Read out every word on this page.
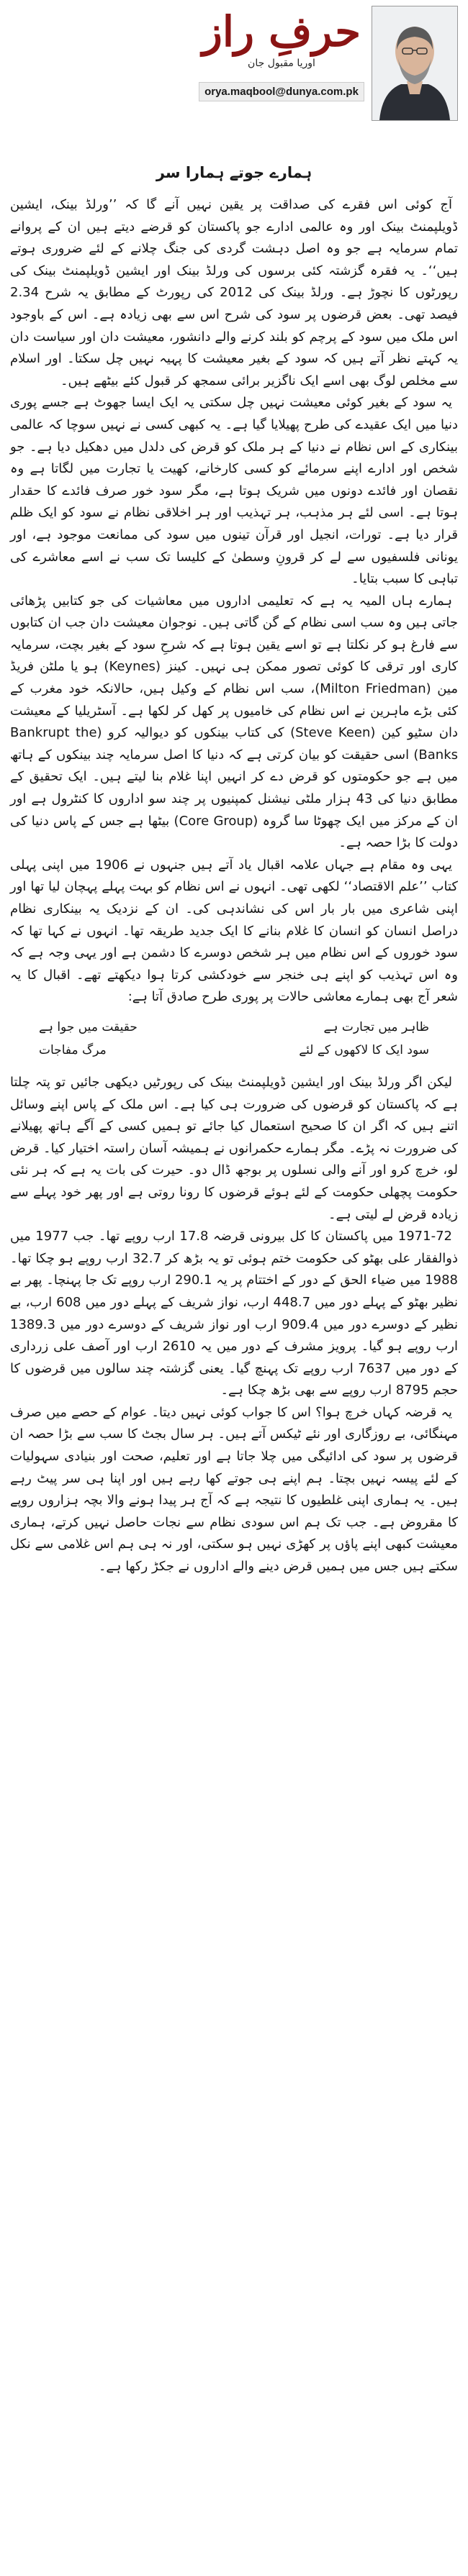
حرفِ راز
اوریا مقبول جان
orya.maqbool@dunya.com.pk
ہمارے جوتے ہمارا سر

آج کوئی اس فقرے کی صداقت پر یقین نہیں آنے گا کہ ’’ورلڈ بینک، ایشین ڈویلپمنٹ بینک اور وہ عالمی ادارے جو پاکستان کو قرضے دیتے ہیں ان کے پروانے تمام سرمایہ ہے جو وہ اصل دہشت گردی کی جنگ چلانے کے لئے ضروری ہوتے ہیں‘‘۔ یہ فقرہ گزشتہ کئی برسوں کی ورلڈ بینک اور ایشین ڈویلپمنٹ بینک کی رپورٹوں کا نچوڑ ہے۔ ورلڈ بینک کی 2012 کی رپورٹ کے مطابق یہ شرح 2.34 فیصد تھی۔ بعض قرضوں پر سود کی شرح اس سے بھی زیادہ ہے۔ اس کے باوجود اس ملک میں سود کے پرچم کو بلند کرنے والے دانشور، معیشت دان اور سیاست دان یہ کہتے نظر آتے ہیں کہ سود کے بغیر معیشت کا پہیہ نہیں چل سکتا۔ اور اسلام سے مخلص لوگ بھی اسے ایک ناگزیر برائی سمجھ کر قبول کئے بیٹھے ہیں۔

یہ سود کے بغیر کوئی معیشت نہیں چل سکتی یہ ایک ایسا جھوٹ ہے جسے پوری دنیا میں ایک عقیدے کی طرح پھیلایا گیا ہے۔ یہ کبھی کسی نے نہیں سوچا کہ عالمی بینکاری کے اس نظام نے دنیا کے ہر ملک کو قرض کی دلدل میں دھکیل دیا ہے۔ جو شخص اور ادارے اپنے سرمائے کو کسی کارخانے، کھیت یا تجارت میں لگاتا ہے وہ نقصان اور فائدے دونوں میں شریک ہوتا ہے، مگر سود خور صرف فائدے کا حقدار ہوتا ہے۔ اسی لئے ہر مذہب، ہر تہذیب اور ہر اخلاقی نظام نے سود کو ایک ظلم قرار دیا ہے۔ تورات، انجیل اور قرآن تینوں میں سود کی ممانعت موجود ہے، اور یونانی فلسفیوں سے لے کر قرونِ وسطیٰ کے کلیسا تک سب نے اسے معاشرے کی تباہی کا سبب بتایا۔

ہمارے ہاں المیہ یہ ہے کہ تعلیمی اداروں میں معاشیات کی جو کتابیں پڑھائی جاتی ہیں وہ سب اسی نظام کے گن گاتی ہیں۔ نوجوان معیشت دان جب ان کتابوں سے فارغ ہو کر نکلتا ہے تو اسے یقین ہوتا ہے کہ شرحِ سود کے بغیر بچت، سرمایہ کاری اور ترقی کا کوئی تصور ممکن ہی نہیں۔ کینز (Keynes) ہو یا ملٹن فریڈ مین (Milton Friedman)، سب اس نظام کے وکیل ہیں، حالانکہ خود مغرب کے کئی بڑے ماہرین نے اس نظام کی خامیوں پر کھل کر لکھا ہے۔ آسٹریلیا کے معیشت دان سٹیو کین (Steve Keen) کی کتاب بینکوں کو دیوالیہ کرو (Bankrupt the Banks) اسی حقیقت کو بیان کرتی ہے کہ دنیا کا اصل سرمایہ چند بینکوں کے ہاتھ میں ہے جو حکومتوں کو قرض دے کر انہیں اپنا غلام بنا لیتے ہیں۔ ایک تحقیق کے مطابق دنیا کی 43 ہزار ملٹی نیشنل کمپنیوں پر چند سو اداروں کا کنٹرول ہے اور ان کے مرکز میں ایک چھوٹا سا گروہ (Core Group) بیٹھا ہے جس کے پاس دنیا کی دولت کا بڑا حصہ ہے۔

یہی وہ مقام ہے جہاں علامہ اقبال یاد آتے ہیں جنہوں نے 1906 میں اپنی پہلی کتاب ’’علم الاقتصاد‘‘ لکھی تھی۔ انہوں نے اس نظام کو بہت پہلے پہچان لیا تھا اور اپنی شاعری میں بار بار اس کی نشاندہی کی۔ ان کے نزدیک یہ بینکاری نظام دراصل انسان کو انسان کا غلام بنانے کا ایک جدید طریقہ تھا۔ انہوں نے کہا تھا کہ سود خوروں کے اس نظام میں ہر شخص دوسرے کا دشمن ہے اور یہی وجہ ہے کہ وہ اس تہذیب کو اپنے ہی خنجر سے خودکشی کرتا ہوا دیکھتے تھے۔ اقبال کا یہ شعر آج بھی ہمارے معاشی حالات پر پوری طرح صادق آتا ہے:

ظاہر میں تجارت ہے
حقیقت میں جوا ہے
سود ایک کا لاکھوں کے لئے
مرگ مفاجات

لیکن اگر ورلڈ بینک اور ایشین ڈویلپمنٹ بینک کی رپورٹیں دیکھی جائیں تو پتہ چلتا ہے کہ پاکستان کو قرضوں کی ضرورت ہی کیا ہے۔ اس ملک کے پاس اپنے وسائل اتنے ہیں کہ اگر ان کا صحیح استعمال کیا جائے تو ہمیں کسی کے آگے ہاتھ پھیلانے کی ضرورت نہ پڑے۔ مگر ہمارے حکمرانوں نے ہمیشہ آسان راستہ اختیار کیا۔ قرض لو، خرچ کرو اور آنے والی نسلوں پر بوجھ ڈال دو۔ حیرت کی بات یہ ہے کہ ہر نئی حکومت پچھلی حکومت کے لئے ہوئے قرضوں کا رونا روتی ہے اور پھر خود پہلے سے زیادہ قرض لے لیتی ہے۔

1971-72 میں پاکستان کا کل بیرونی قرضہ 17.8 ارب روپے تھا۔ جب 1977 میں ذوالفقار علی بھٹو کی حکومت ختم ہوئی تو یہ بڑھ کر 32.7 ارب روپے ہو چکا تھا۔ 1988 میں ضیاء الحق کے دور کے اختتام پر یہ 290.1 ارب روپے تک جا پہنچا۔ پھر بے نظیر بھٹو کے پہلے دور میں 448.7 ارب، نواز شریف کے پہلے دور میں 608 ارب، بے نظیر کے دوسرے دور میں 909.4 ارب اور نواز شریف کے دوسرے دور میں 1389.3 ارب روپے ہو گیا۔ پرویز مشرف کے دور میں یہ 2610 ارب اور آصف علی زرداری کے دور میں 7637 ارب روپے تک پہنچ گیا۔ یعنی گزشتہ چند سالوں میں قرضوں کا حجم 8795 ارب روپے سے بھی بڑھ چکا ہے۔

یہ قرضہ کہاں خرچ ہوا؟ اس کا جواب کوئی نہیں دیتا۔ عوام کے حصے میں صرف مہنگائی، بے روزگاری اور نئے ٹیکس آتے ہیں۔ ہر سال بجٹ کا سب سے بڑا حصہ ان قرضوں پر سود کی ادائیگی میں چلا جاتا ہے اور تعلیم، صحت اور بنیادی سہولیات کے لئے پیسہ نہیں بچتا۔ ہم اپنے ہی جوتے کھا رہے ہیں اور اپنا ہی سر پیٹ رہے ہیں۔ یہ ہماری اپنی غلطیوں کا نتیجہ ہے کہ آج ہر پیدا ہونے والا بچہ ہزاروں روپے کا مقروض ہے۔ جب تک ہم اس سودی نظام سے نجات حاصل نہیں کرتے، ہماری معیشت کبھی اپنے پاؤں پر کھڑی نہیں ہو سکتی، اور نہ ہی ہم اس غلامی سے نکل سکتے ہیں جس میں ہمیں قرض دینے والے اداروں نے جکڑ رکھا ہے۔
